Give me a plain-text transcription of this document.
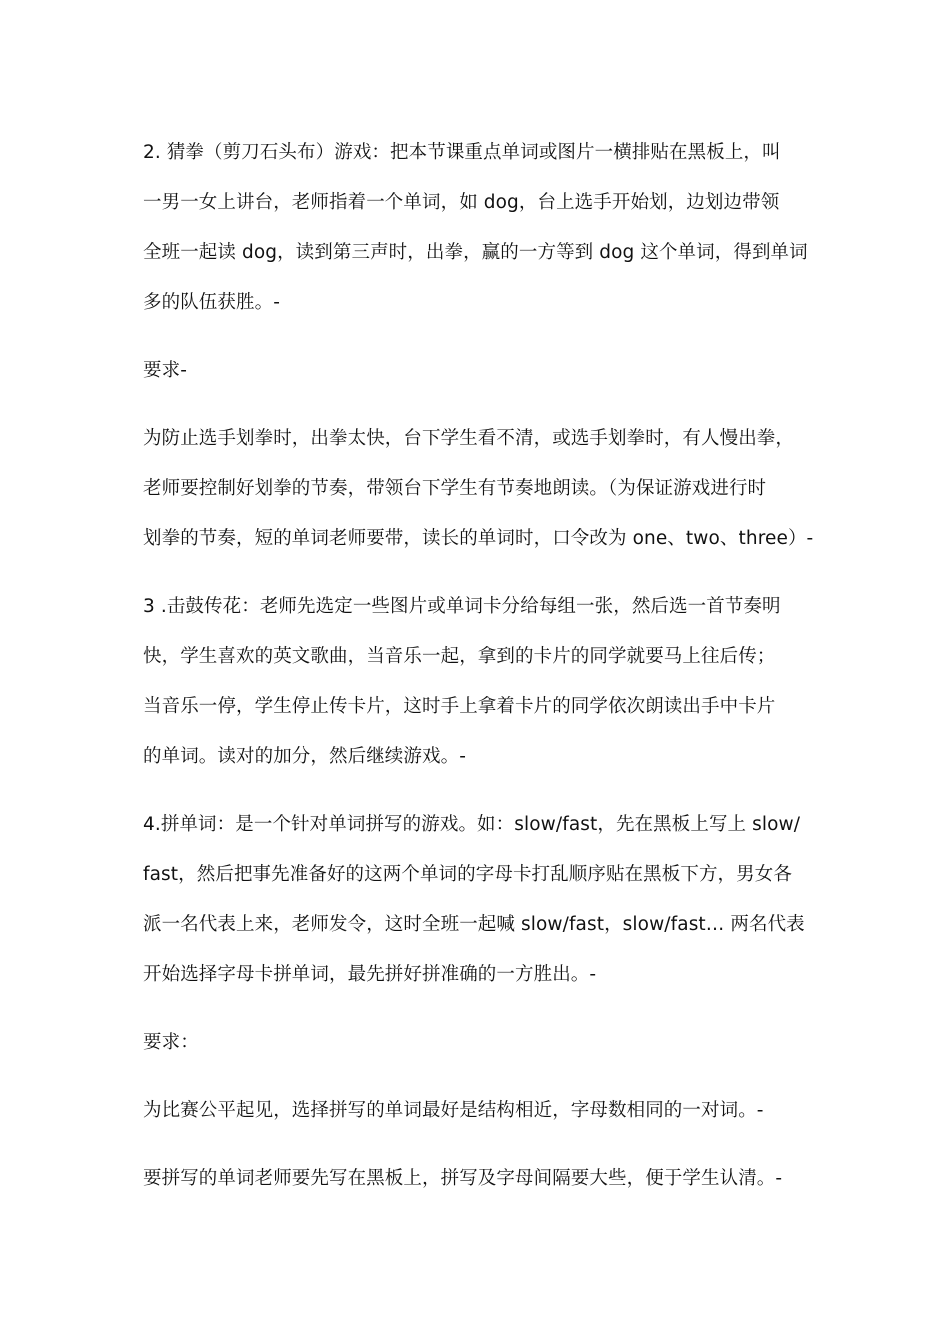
2. 猜拳（剪刀石头布）游戏：把本节课重点单词或图片一横排贴在黑板上，叫
一男一女上讲台，老师指着一个单词，如 dog，台上选手开始划，边划边带领
全班一起读 dog，读到第三声时，出拳，赢的一方等到 dog 这个单词，得到单词
多的队伍获胜。-
要求-
为防止选手划拳时，出拳太快，台下学生看不清，或选手划拳时，有人慢出拳，
老师要控制好划拳的节奏，带领台下学生有节奏地朗读。（为保证游戏进行时
划拳的节奏，短的单词老师要带，读长的单词时，口令改为 one、two、three）-
3 .击鼓传花：老师先选定一些图片或单词卡分给每组一张，然后选一首节奏明
快，学生喜欢的英文歌曲，当音乐一起，拿到的卡片的同学就要马上往后传；
当音乐一停，学生停止传卡片，这时手上拿着卡片的同学依次朗读出手中卡片
的单词。读对的加分，然后继续游戏。-
4.拼单词：是一个针对单词拼写的游戏。如：slow/fast，先在黑板上写上 slow/
fast，然后把事先准备好的这两个单词的字母卡打乱顺序贴在黑板下方，男女各
派一名代表上来，老师发令，这时全班一起喊 slow/fast，slow/fast… 两名代表
开始选择字母卡拼单词，最先拼好拼准确的一方胜出。-
要求：
为比赛公平起见，选择拼写的单词最好是结构相近，字母数相同的一对词。-
要拼写的单词老师要先写在黑板上，拼写及字母间隔要大些，便于学生认清。-
